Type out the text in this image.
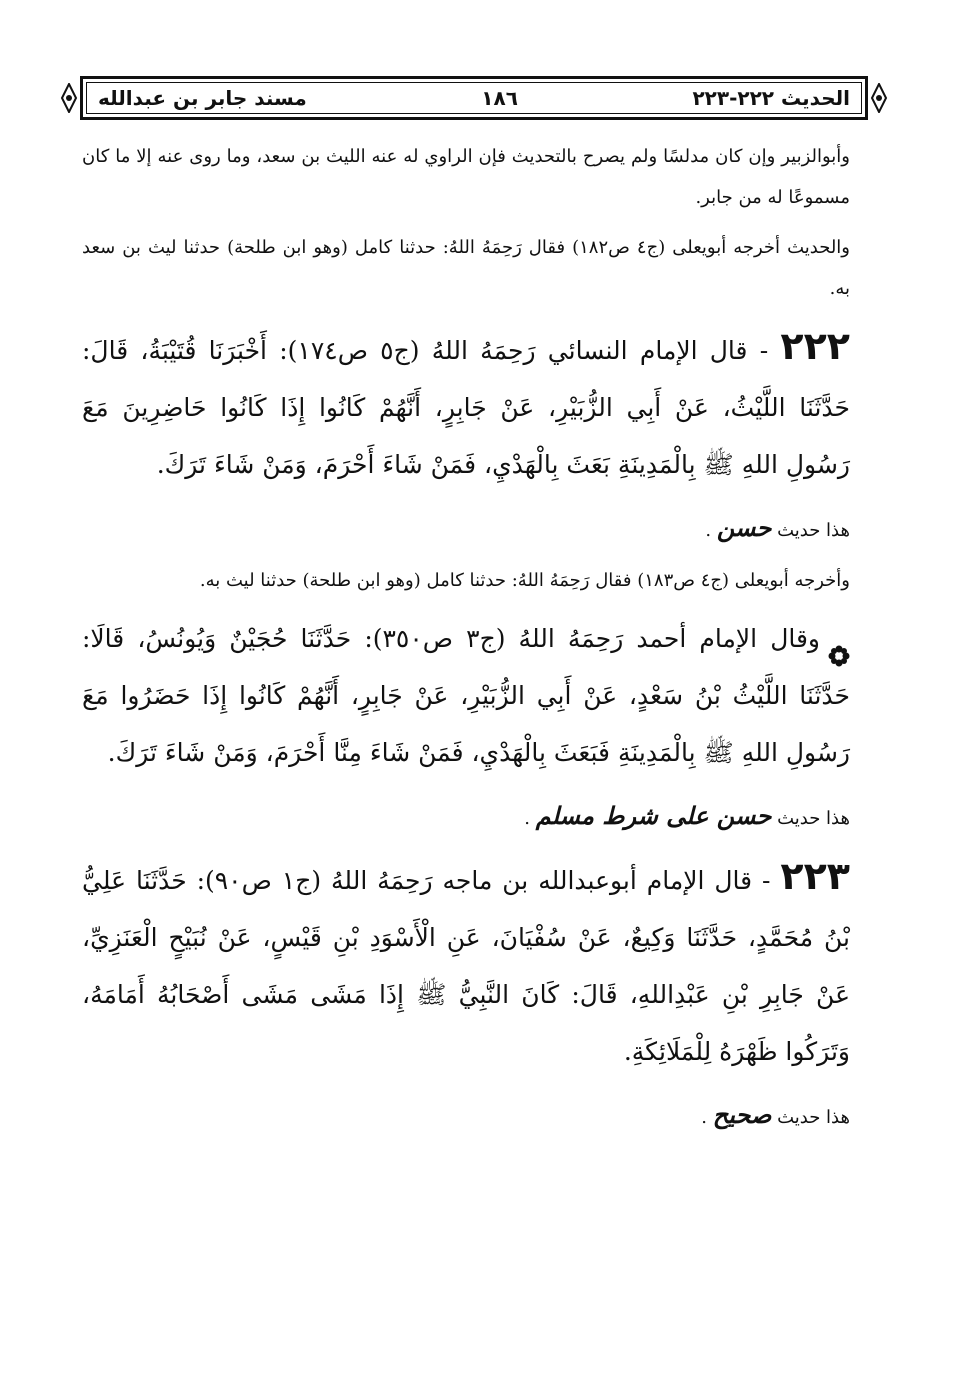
الحديث ٢٢٢-٢٢٣
١٨٦
مسند جابر بن عبدالله

وأبوالزبير وإن كان مدلسًا ولم يصرح بالتحديث فإن الراوي له عنه الليث بن سعد، وما روى عنه إلا ما كان مسموعًا له من جابر.

والحديث أخرجه أبويعلى (ج٤ ص١٨٢) فقال رَحِمَهُ اللهُ: حدثنا كامل (وهو ابن طلحة) حدثنا ليث بن سعد به.

٢٢٢ - قال الإمام النسائي رَحِمَهُ اللهُ (ج٥ ص١٧٤): أَخْبَرَنَا قُتَيْبَةُ، قَالَ: حَدَّثَنَا اللَّيْثُ، عَنْ أَبِي الزُّبَيْرِ، عَنْ جَابِرٍ، أَنَّهُمْ كَانُوا إِذَا كَانُوا حَاضِرِينَ مَعَ رَسُولِ اللهِ ﷺ بِالْمَدِينَةِ بَعَثَ بِالْهَدْيِ، فَمَنْ شَاءَ أَحْرَمَ، وَمَنْ شَاءَ تَرَكَ.

هذا حديث حسن .

وأخرجه أبويعلى (ج٤ ص١٨٣) فقال رَحِمَهُ اللهُ: حدثنا كامل (وهو ابن طلحة) حدثنا ليث به.

وقال الإمام أحمد رَحِمَهُ اللهُ (ج٣ ص٣٥٠): حَدَّثَنَا حُجَيْنٌ وَيُونُسُ، قَالَا: حَدَّثَنَا اللَّيْثُ بْنُ سَعْدٍ، عَنْ أَبِي الزُّبَيْرِ، عَنْ جَابِرٍ، أَنَّهُمْ كَانُوا إِذَا حَضَرُوا مَعَ رَسُولِ اللهِ ﷺ بِالْمَدِينَةِ فَبَعَثَ بِالْهَدْيِ، فَمَنْ شَاءَ مِنَّا أَحْرَمَ، وَمَنْ شَاءَ تَرَكَ.

هذا حديث حسن على شرط مسلم .

٢٢٣ - قال الإمام أبوعبدالله بن ماجه رَحِمَهُ اللهُ (ج١ ص٩٠): حَدَّثَنَا عَلِيُّ بْنُ مُحَمَّدٍ، حَدَّثَنَا وَكِيعٌ، عَنْ سُفْيَانَ، عَنِ الْأَسْوَدِ بْنِ قَيْسٍ، عَنْ نُبَيْحٍ الْعَنَزِيِّ، عَنْ جَابِرِ بْنِ عَبْدِاللهِ، قَالَ: كَانَ النَّبِيُّ ﷺ إِذَا مَشَى مَشَى أَصْحَابُهُ أَمَامَهُ، وَتَرَكُوا ظَهْرَهُ لِلْمَلَائِكَةِ.

هذا حديث صحيح .
